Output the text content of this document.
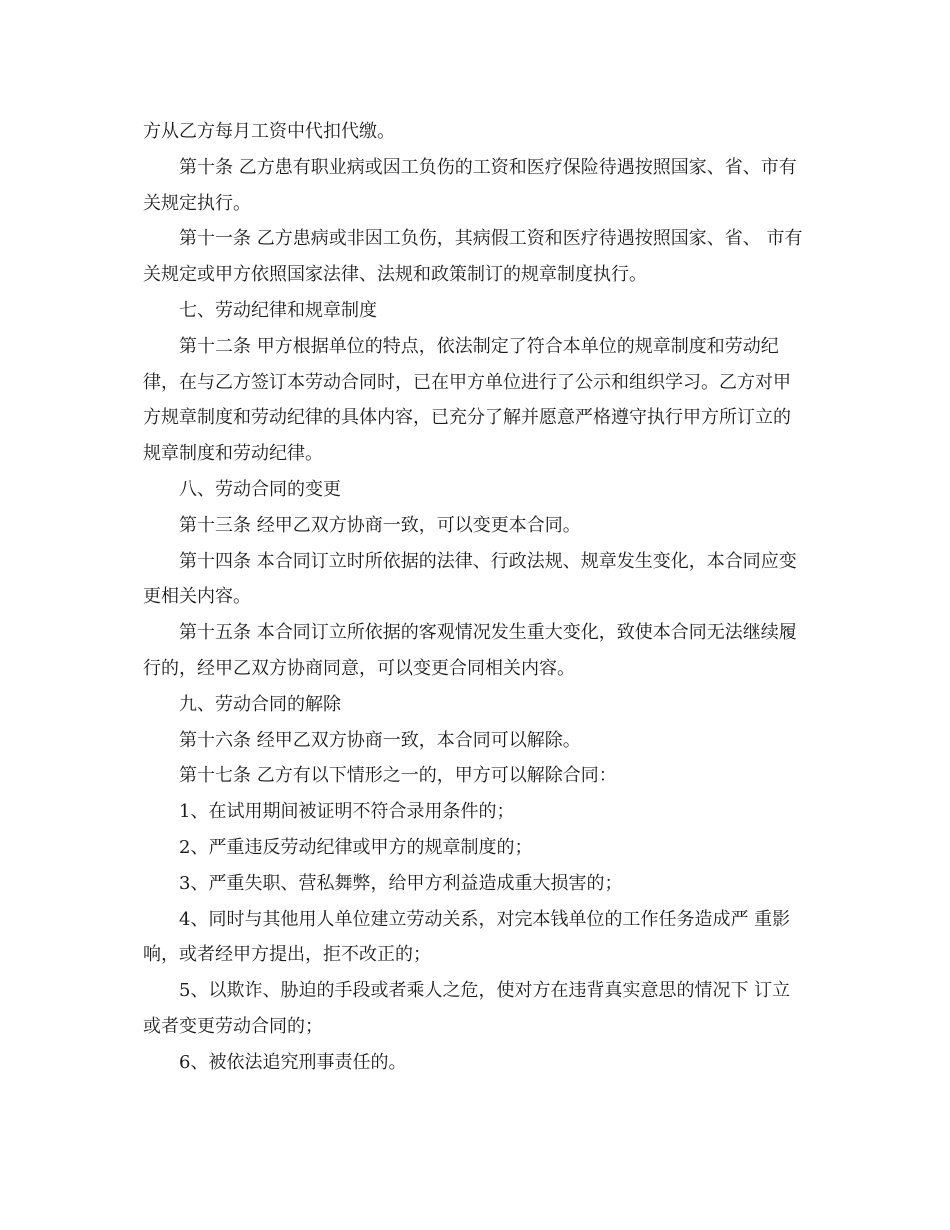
方从乙方每月工资中代扣代缴。

第十条 乙方患有职业病或因工负伤的工资和医疗保险待遇按照国家、省、市有关规定执行。

第十一条 乙方患病或非因工负伤，其病假工资和医疗待遇按照国家、省、 市有关规定或甲方依照国家法律、法规和政策制订的规章制度执行。

七、劳动纪律和规章制度

第十二条 甲方根据单位的特点，依法制定了符合本单位的规章制度和劳动纪律，在与乙方签订本劳动合同时，已在甲方单位进行了公示和组织学习。乙方对甲方规章制度和劳动纪律的具体内容，已充分了解并愿意严格遵守执行甲方所订立的规章制度和劳动纪律。

八、劳动合同的变更

第十三条 经甲乙双方协商一致，可以变更本合同。

第十四条 本合同订立时所依据的法律、行政法规、规章发生变化，本合同应变更相关内容。

第十五条 本合同订立所依据的客观情况发生重大变化，致使本合同无法继续履行的，经甲乙双方协商同意，可以变更合同相关内容。

九、劳动合同的解除

第十六条 经甲乙双方协商一致，本合同可以解除。

第十七条 乙方有以下情形之一的，甲方可以解除合同：

1、在试用期间被证明不符合录用条件的；

2、严重违反劳动纪律或甲方的规章制度的；

3、严重失职、营私舞弊，给甲方利益造成重大损害的；

4、同时与其他用人单位建立劳动关系，对完本钱单位的工作任务造成严 重影响，或者经甲方提出，拒不改正的；

5、以欺诈、胁迫的手段或者乘人之危，使对方在违背真实意思的情况下 订立或者变更劳动合同的；

6、被依法追究刑事责任的。
